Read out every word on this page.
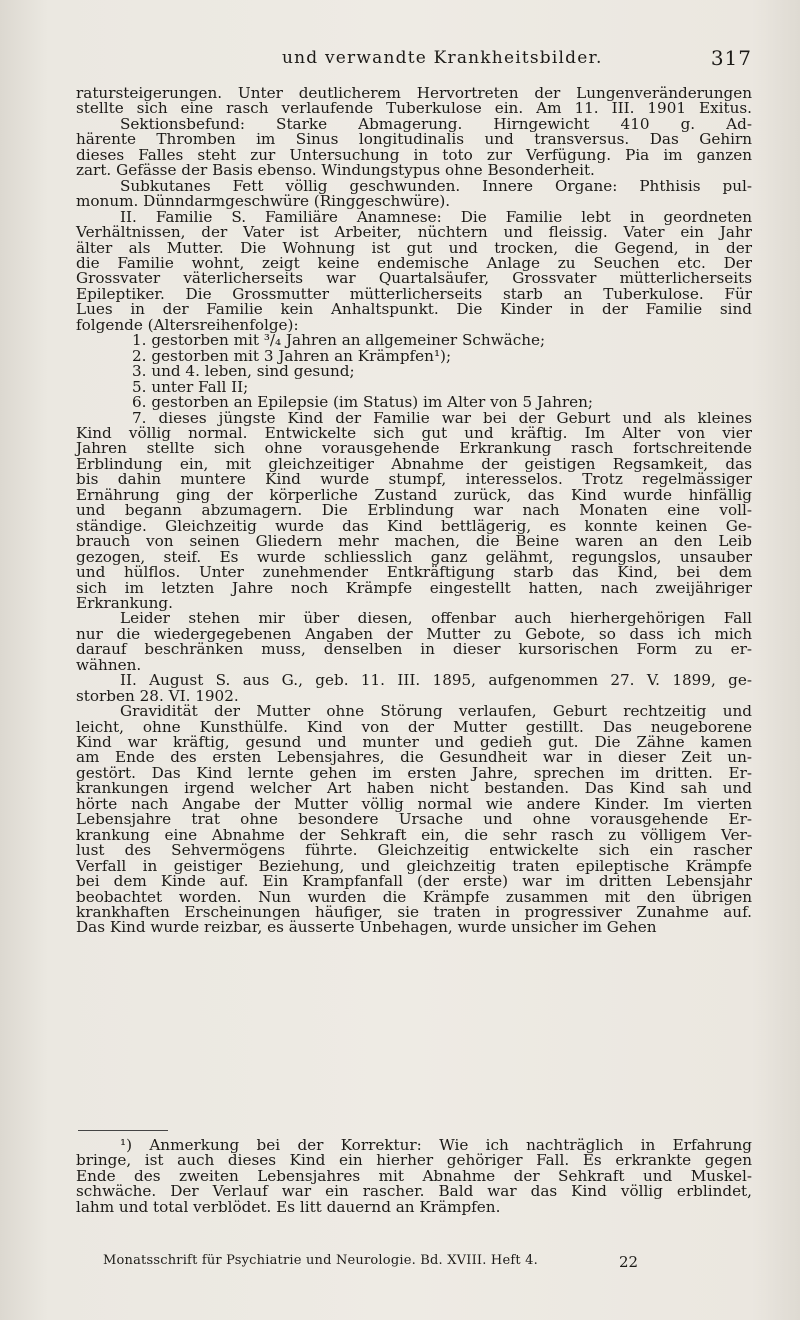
und verwandte Krankheitsbilder.	317
ratursteigerungen. Unter deutlicherem Hervortreten der Lungenveränderungen
stellte sich eine rasch verlaufende Tuberkulose ein. Am 11. III. 1901 Exitus.
Sektionsbefund: Starke Abmagerung. Hirngewicht 410 g. Ad-
härente Thromben im Sinus longitudinalis und transversus. Das Gehirn
dieses Falles steht zur Untersuchung in toto zur Verfügung. Pia im ganzen
zart. Gefässe der Basis ebenso. Windungstypus ohne Besonderheit.
Subkutanes Fett völlig geschwunden. Innere Organe: Phthisis pul-
monum. Dünndarmgeschwüre (Ringgeschwüre).
II. Familie S. Familiäre Anamnese: Die Familie lebt in geordneten
Verhältnissen, der Vater ist Arbeiter, nüchtern und fleissig. Vater ein Jahr
älter als Mutter. Die Wohnung ist gut und trocken, die Gegend, in der
die Familie wohnt, zeigt keine endemische Anlage zu Seuchen etc. Der
Grossvater väterlicherseits war Quartalsäufer, Grossvater mütterlicherseits
Epileptiker. Die Grossmutter mütterlicherseits starb an Tuberkulose. Für
Lues in der Familie kein Anhaltspunkt. Die Kinder in der Familie sind
folgende (Altersreihenfolge):
1. gestorben mit ³/₄ Jahren an allgemeiner Schwäche;
2. gestorben mit 3 Jahren an Krämpfen¹);
3. und 4. leben, sind gesund;
5. unter Fall II;
6. gestorben an Epilepsie (im Status) im Alter von 5 Jahren;
7. dieses jüngste Kind der Familie war bei der Geburt und als kleines
Kind völlig normal. Entwickelte sich gut und kräftig. Im Alter von vier
Jahren stellte sich ohne vorausgehende Erkrankung rasch fortschreitende
Erblindung ein, mit gleichzeitiger Abnahme der geistigen Regsamkeit, das
bis dahin muntere Kind wurde stumpf, interesselos. Trotz regelmässiger
Ernährung ging der körperliche Zustand zurück, das Kind wurde hinfällig
und begann abzumagern. Die Erblindung war nach Monaten eine voll-
ständige. Gleichzeitig wurde das Kind bettlägerig, es konnte keinen Ge-
brauch von seinen Gliedern mehr machen, die Beine waren an den Leib
gezogen, steif. Es wurde schliesslich ganz gelähmt, regungslos, unsauber
und hülflos. Unter zunehmender Entkräftigung starb das Kind, bei dem
sich im letzten Jahre noch Krämpfe eingestellt hatten, nach zweijähriger
Erkrankung.
Leider stehen mir über diesen, offenbar auch hierhergehörigen Fall
nur die wiedergegebenen Angaben der Mutter zu Gebote, so dass ich mich
darauf beschränken muss, denselben in dieser kursorischen Form zu er-
wähnen.
II. August S. aus G., geb. 11. III. 1895, aufgenommen 27. V. 1899, ge-
storben 28. VI. 1902.
Gravidität der Mutter ohne Störung verlaufen, Geburt rechtzeitig und
leicht, ohne Kunsthülfe. Kind von der Mutter gestillt. Das neugeborene
Kind war kräftig, gesund und munter und gedieh gut. Die Zähne kamen
am Ende des ersten Lebensjahres, die Gesundheit war in dieser Zeit un-
gestört. Das Kind lernte gehen im ersten Jahre, sprechen im dritten. Er-
krankungen irgend welcher Art haben nicht bestanden. Das Kind sah und
hörte nach Angabe der Mutter völlig normal wie andere Kinder. Im vierten
Lebensjahre trat ohne besondere Ursache und ohne vorausgehende Er-
krankung eine Abnahme der Sehkraft ein, die sehr rasch zu völligem Ver-
lust des Sehvermögens führte. Gleichzeitig entwickelte sich ein rascher
Verfall in geistiger Beziehung, und gleichzeitig traten epileptische Krämpfe
bei dem Kinde auf. Ein Krampfanfall (der erste) war im dritten Lebensjahr
beobachtet worden. Nun wurden die Krämpfe zusammen mit den übrigen
krankhaften Erscheinungen häufiger, sie traten in progressiver Zunahme auf.
Das Kind wurde reizbar, es äusserte Unbehagen, wurde unsicher im Gehen
¹) Anmerkung bei der Korrektur: Wie ich nachträglich in Erfahrung
bringe, ist auch dieses Kind ein hierher gehöriger Fall. Es erkrankte gegen
Ende des zweiten Lebensjahres mit Abnahme der Sehkraft und Muskel-
schwäche. Der Verlauf war ein rascher. Bald war das Kind völlig erblindet,
lahm und total verblödet. Es litt dauernd an Krämpfen.
Monatsschrift für Psychiatrie und Neurologie. Bd. XVIII. Heft 4.	22
